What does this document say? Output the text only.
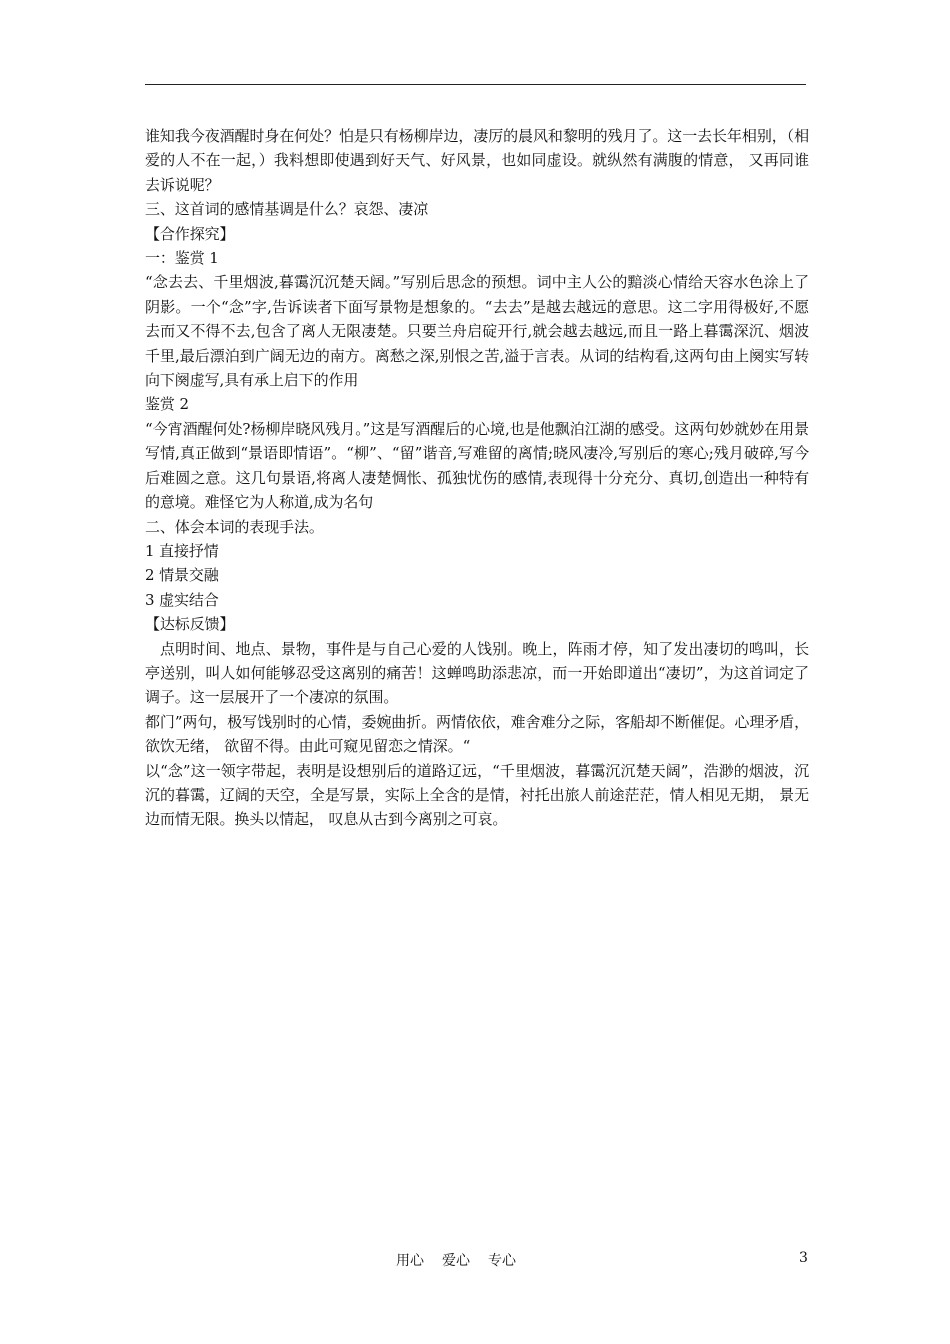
谁知我今夜酒醒时身在何处？怕是只有杨柳岸边，凄厉的晨风和黎明的残月了。这一去长年相别，（相爱的人不在一起，）我料想即使遇到好天气、好风景，也如同虚设。就纵然有满腹的情意， 又再同谁去诉说呢？

三、这首词的感情基调是什么？哀怨、凄凉

【合作探究】

一：鉴赏 1

“念去去、千里烟波,暮霭沉沉楚天阔。”写别后思念的预想。词中主人公的黯淡心情给天容水色涂上了阴影。一个“念”字,告诉读者下面写景物是想象的。“去去”是越去越远的意思。这二字用得极好,不愿去而又不得不去,包含了离人无限凄楚。只要兰舟启碇开行,就会越去越远,而且一路上暮霭深沉、烟波千里,最后漂泊到广阔无边的南方。离愁之深,别恨之苦,溢于言表。从词的结构看,这两句由上阕实写转向下阕虚写,具有承上启下的作用

鉴赏 2

“今宵酒醒何处?杨柳岸晓风残月。”这是写酒醒后的心境,也是他飘泊江湖的感受。这两句妙就妙在用景写情,真正做到“景语即情语”。“柳”、“留”谐音,写难留的离情;晓风凄冷,写别后的寒心;残月破碎,写今后难圆之意。这几句景语,将离人凄楚惆怅、孤独忧伤的感情,表现得十分充分、真切,创造出一种特有的意境。难怪它为人称道,成为名句

二、体会本词的表现手法。

1 直接抒情

2 情景交融

3 虚实结合

【达标反馈】

点明时间、地点、景物，事件是与自己心爱的人饯别。晚上，阵雨才停，知了发出凄切的鸣叫，长亭送别，叫人如何能够忍受这离别的痛苦！这蝉鸣助添悲凉，而一开始即道出“凄切”，为这首词定了调子。这一层展开了一个凄凉的氛围。

都门”两句，极写饯别时的心情，委婉曲折。两情依依，难舍难分之际，客船却不断催促。心理矛盾， 欲饮无绪， 欲留不得。由此可窥见留恋之情深。“

以“念”这一领字带起，表明是设想别后的道路辽远，“千里烟波，暮霭沉沉楚天阔”，浩渺的烟波，沉沉的暮霭，辽阔的天空，全是写景，实际上全含的是情，衬托出旅人前途茫茫，情人相见无期， 景无边而情无限。换头以情起， 叹息从古到今离别之可哀。

用心 爱心 专心	3
